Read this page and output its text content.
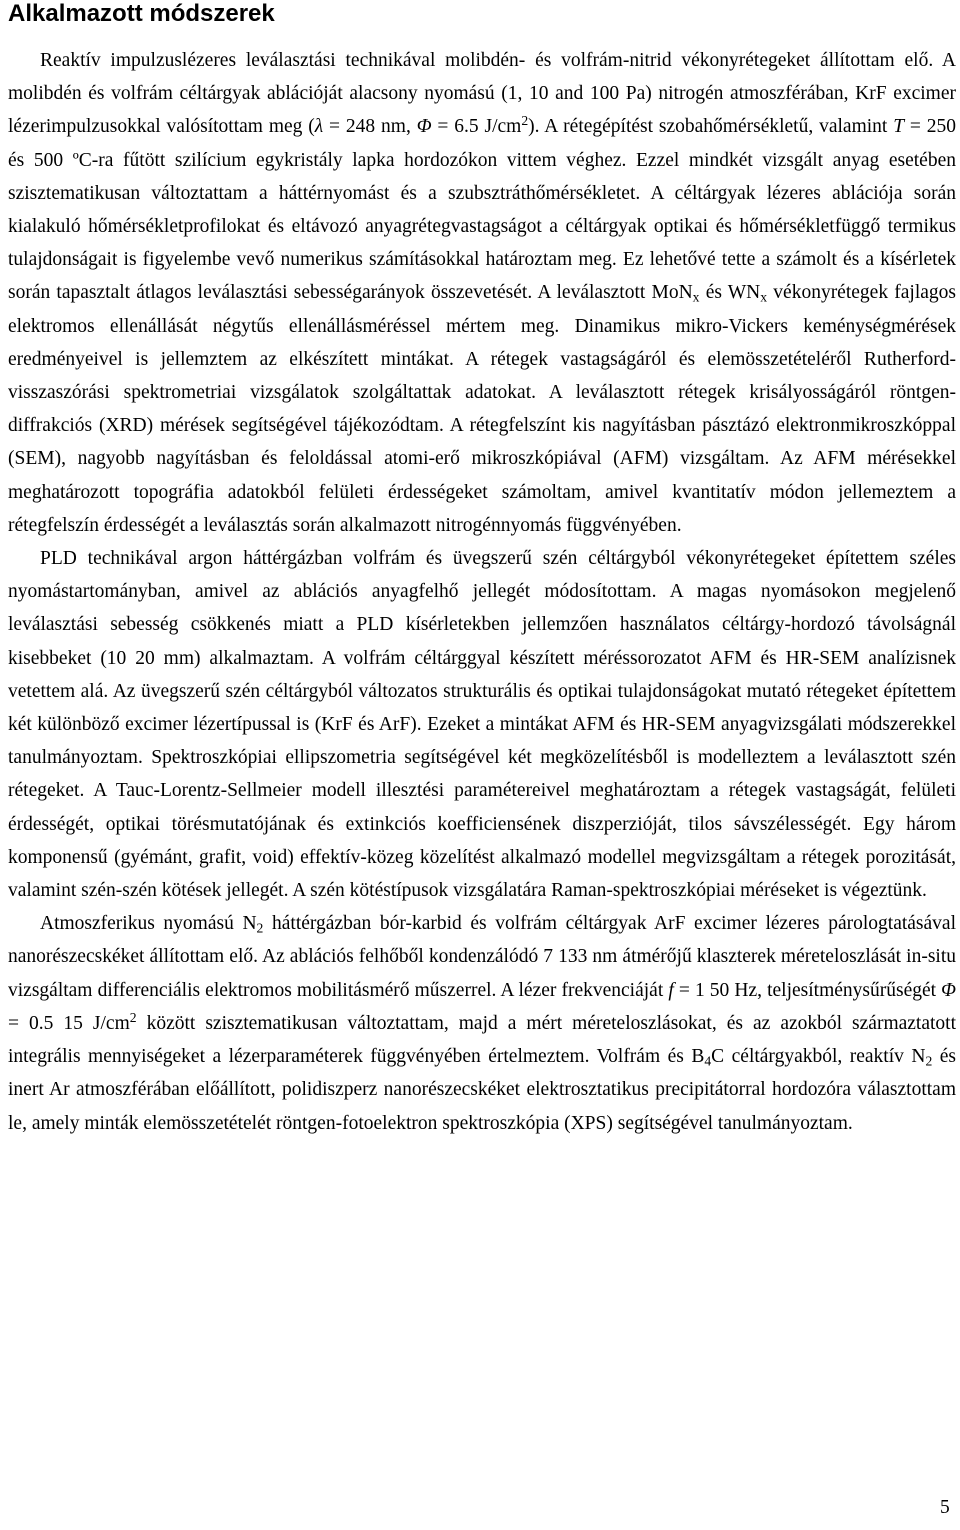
Alkalmazott módszerek

Reaktív impulzuslézeres leválasztási technikával molibdén- és volfrám-nitrid vékonyrétegeket állítottam elő. A molibdén és volfrám céltárgyak ablációját alacsony nyomású (1, 10 and 100 Pa) nitrogén atmoszférában, KrF excimer lézerimpulzusokkal valósítottam meg (λ = 248 nm, Φ = 6.5 $J/cm^2$). A rétegépítést szobahőmérsékletű, valamint T = 250 és 500 ºC-ra fűtött szilícium egykristály lapka hordozókon vittem véghez. Ezzel mindkét vizsgált anyag esetében szisztematikusan változtattam a háttérnyomást és a szubsztráthőmérsékletet. A céltárgyak lézeres ablációja során kialakuló hőmérsékletprofilokat és eltávozó anyagrétegvastagságot a céltárgyak optikai és hőmérsékletfüggő termikus tulajdonságait is figyelembe vevő numerikus számításokkal határoztam meg. Ez lehetővé tette a számolt és a kísérletek során tapasztalt átlagos leválasztási sebességarányok összevetését. A leválasztott MoN$_x$ és $WN_x$ vékonyrétegek fajlagos elektromos ellenállását négytűs ellenállásméréssel mértem meg. Dinamikus mikro-Vickers keménységmérések eredményeivel is jellemztem az elkészített mintákat. A rétegek vastagságáról és elemösszetételéről Rutherford-visszaszórási spektrometriai vizsgálatok szolgáltattak adatokat. A leválasztott rétegek krisályosságáról röntgen-diffrakciós (XRD) mérések segítségével tájékozódtam. A rétegfelszínt kis nagyításban pásztázó elektronmikroszkóppal (SEM), nagyobb nagyításban és feloldással atomi-erő mikroszkópiával (AFM) vizsgáltam. Az AFM mérésekkel meghatározott topográfia adatokból felületi érdességeket számoltam, amivel kvantitatív módon jellemeztem a rétegfelszín érdességét a leválasztás során alkalmazott nitrogénnyomás függvényében.

PLD technikával argon háttérgázban volfrám és üvegszerű szén céltárgyból vékonyrétegeket építettem széles nyomástartományban, amivel az ablációs anyagfelhő jellegét módosítottam. A magas nyomásokon megjelenő leválasztási sebesség csökkenés miatt a PLD kísérletekben jellemzően használatos céltárgy-hordozó távolságnál kisebbeket (10 20 mm) alkalmaztam. A volfrám céltárggyal készített méréssorozatot AFM és HR-SEM analízisnek vetettem alá. Az üvegszerű szén céltárgyból változatos strukturális és optikai tulajdonságokat mutató rétegeket építettem két különböző excimer lézertípussal is (KrF és ArF). Ezeket a mintákat AFM és HR-SEM anyagvizsgálati módszerekkel tanulmányoztam. Spektroszkópiai ellipszometria segítségével két megközelítésből is modelleztem a leválasztott szén rétegeket. A Tauc-Lorentz-Sellmeier modell illesztési paramétereivel meghatároztam a rétegek vastagságát, felületi érdességét, optikai törésmutatójának és extinkciós koefficiensének diszperzióját, tilos sávszélességét. Egy három komponensű (gyémánt, grafit, void) effektív-közeg közelítést alkalmazó modellel megvizsgáltam a rétegek porozitását, valamint szén-szén kötések jellegét. A szén kötéstípusok vizsgálatára Raman-spektroszkópiai méréseket is végeztünk.

Atmoszferikus nyomású $N_2$ háttérgázban bór-karbid és volfrám céltárgyak ArF excimer lézeres párologtatásával nanorészecskéket állítottam elő. Az ablációs felhőből kondenzálódó 7 133 nm átmérőjű klaszterek méreteloszlását in-situ vizsgáltam differenciális elektromos mobilitásmérő műszerrel. A lézer frekvenciáját f = 1 50 Hz, teljesítménysűrűségét Φ = 0.5 15 $J/cm^2$ között szisztematikusan változtattam, majd a mért méreteloszlásokat, és az azokból származtatott integrális mennyiségeket a lézerparaméterek függvényében értelmeztem. Volfrám és $B_4C$ céltárgyakból, reaktív $N_2$ és inert Ar atmoszférában előállított, polidiszperz nanorészecskéket elektrosztatikus precipitátorral hordozóra választottam le, amely minták elemösszetételét röntgen-fotoelektron spektroszkópia (XPS) segítségével tanulmányoztam.

5
